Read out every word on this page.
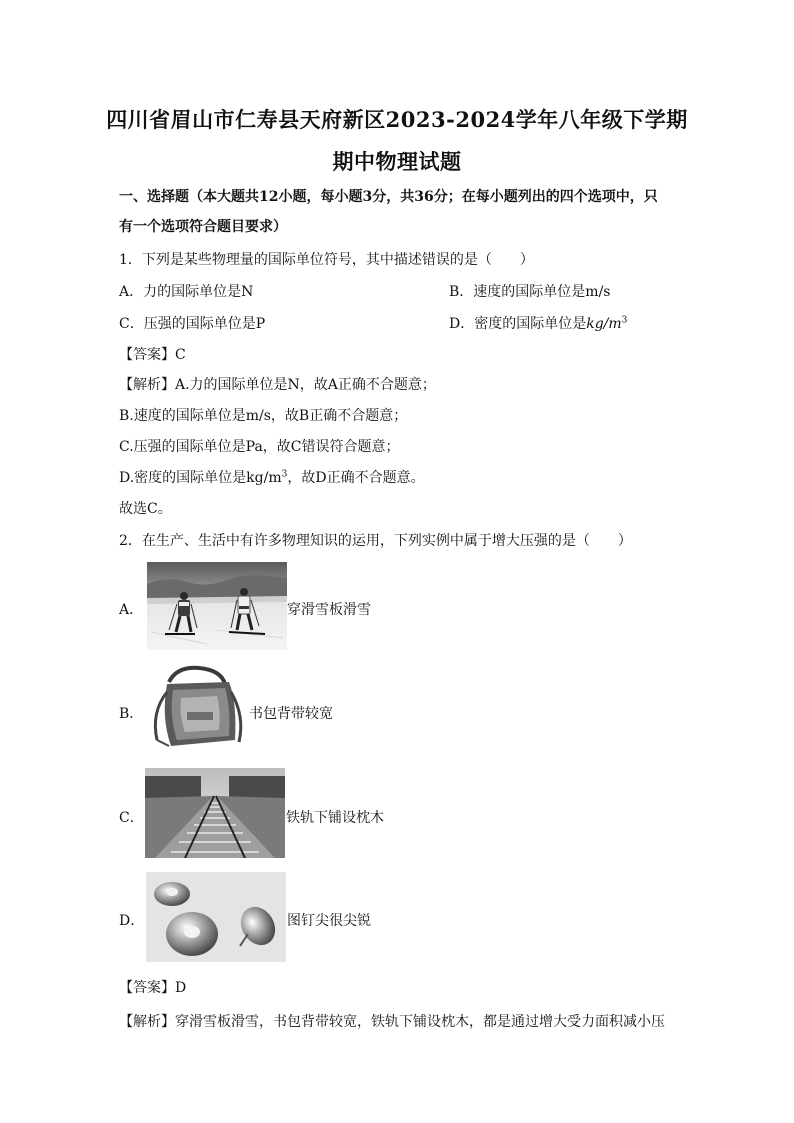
四川省眉山市仁寿县天府新区2023-2024学年八年级下学期
期中物理试题
一、选择题（本大题共12小题，每小题3分，共36分；在每小题列出的四个选项中，只
有一个选项符合题目要求）
1．下列是某些物理量的国际单位符号，其中描述错误的是（　　）
A．力的国际单位是N	B．速度的国际单位是m/s
C．压强的国际单位是P	D．密度的国际单位是$kg/m^3$
【答案】C
【解析】A.力的国际单位是N，故A正确不合题意；
B.速度的国际单位是m/s，故B正确不合题意；
C.压强的国际单位是Pa，故C错误符合题意；
D.密度的国际单位是$kg/m^3$，故D正确不合题意。
故选C。
2．在生产、生活中有许多物理知识的运用，下列实例中属于增大压强的是（　　）
A．	穿滑雪板滑雪
B．	书包背带较宽
C．	铁轨下铺设枕木
D．	图钉尖很尖锐
【答案】D
【解析】穿滑雪板滑雪，书包背带较宽，铁轨下铺设枕木，都是通过增大受力面积减小压
